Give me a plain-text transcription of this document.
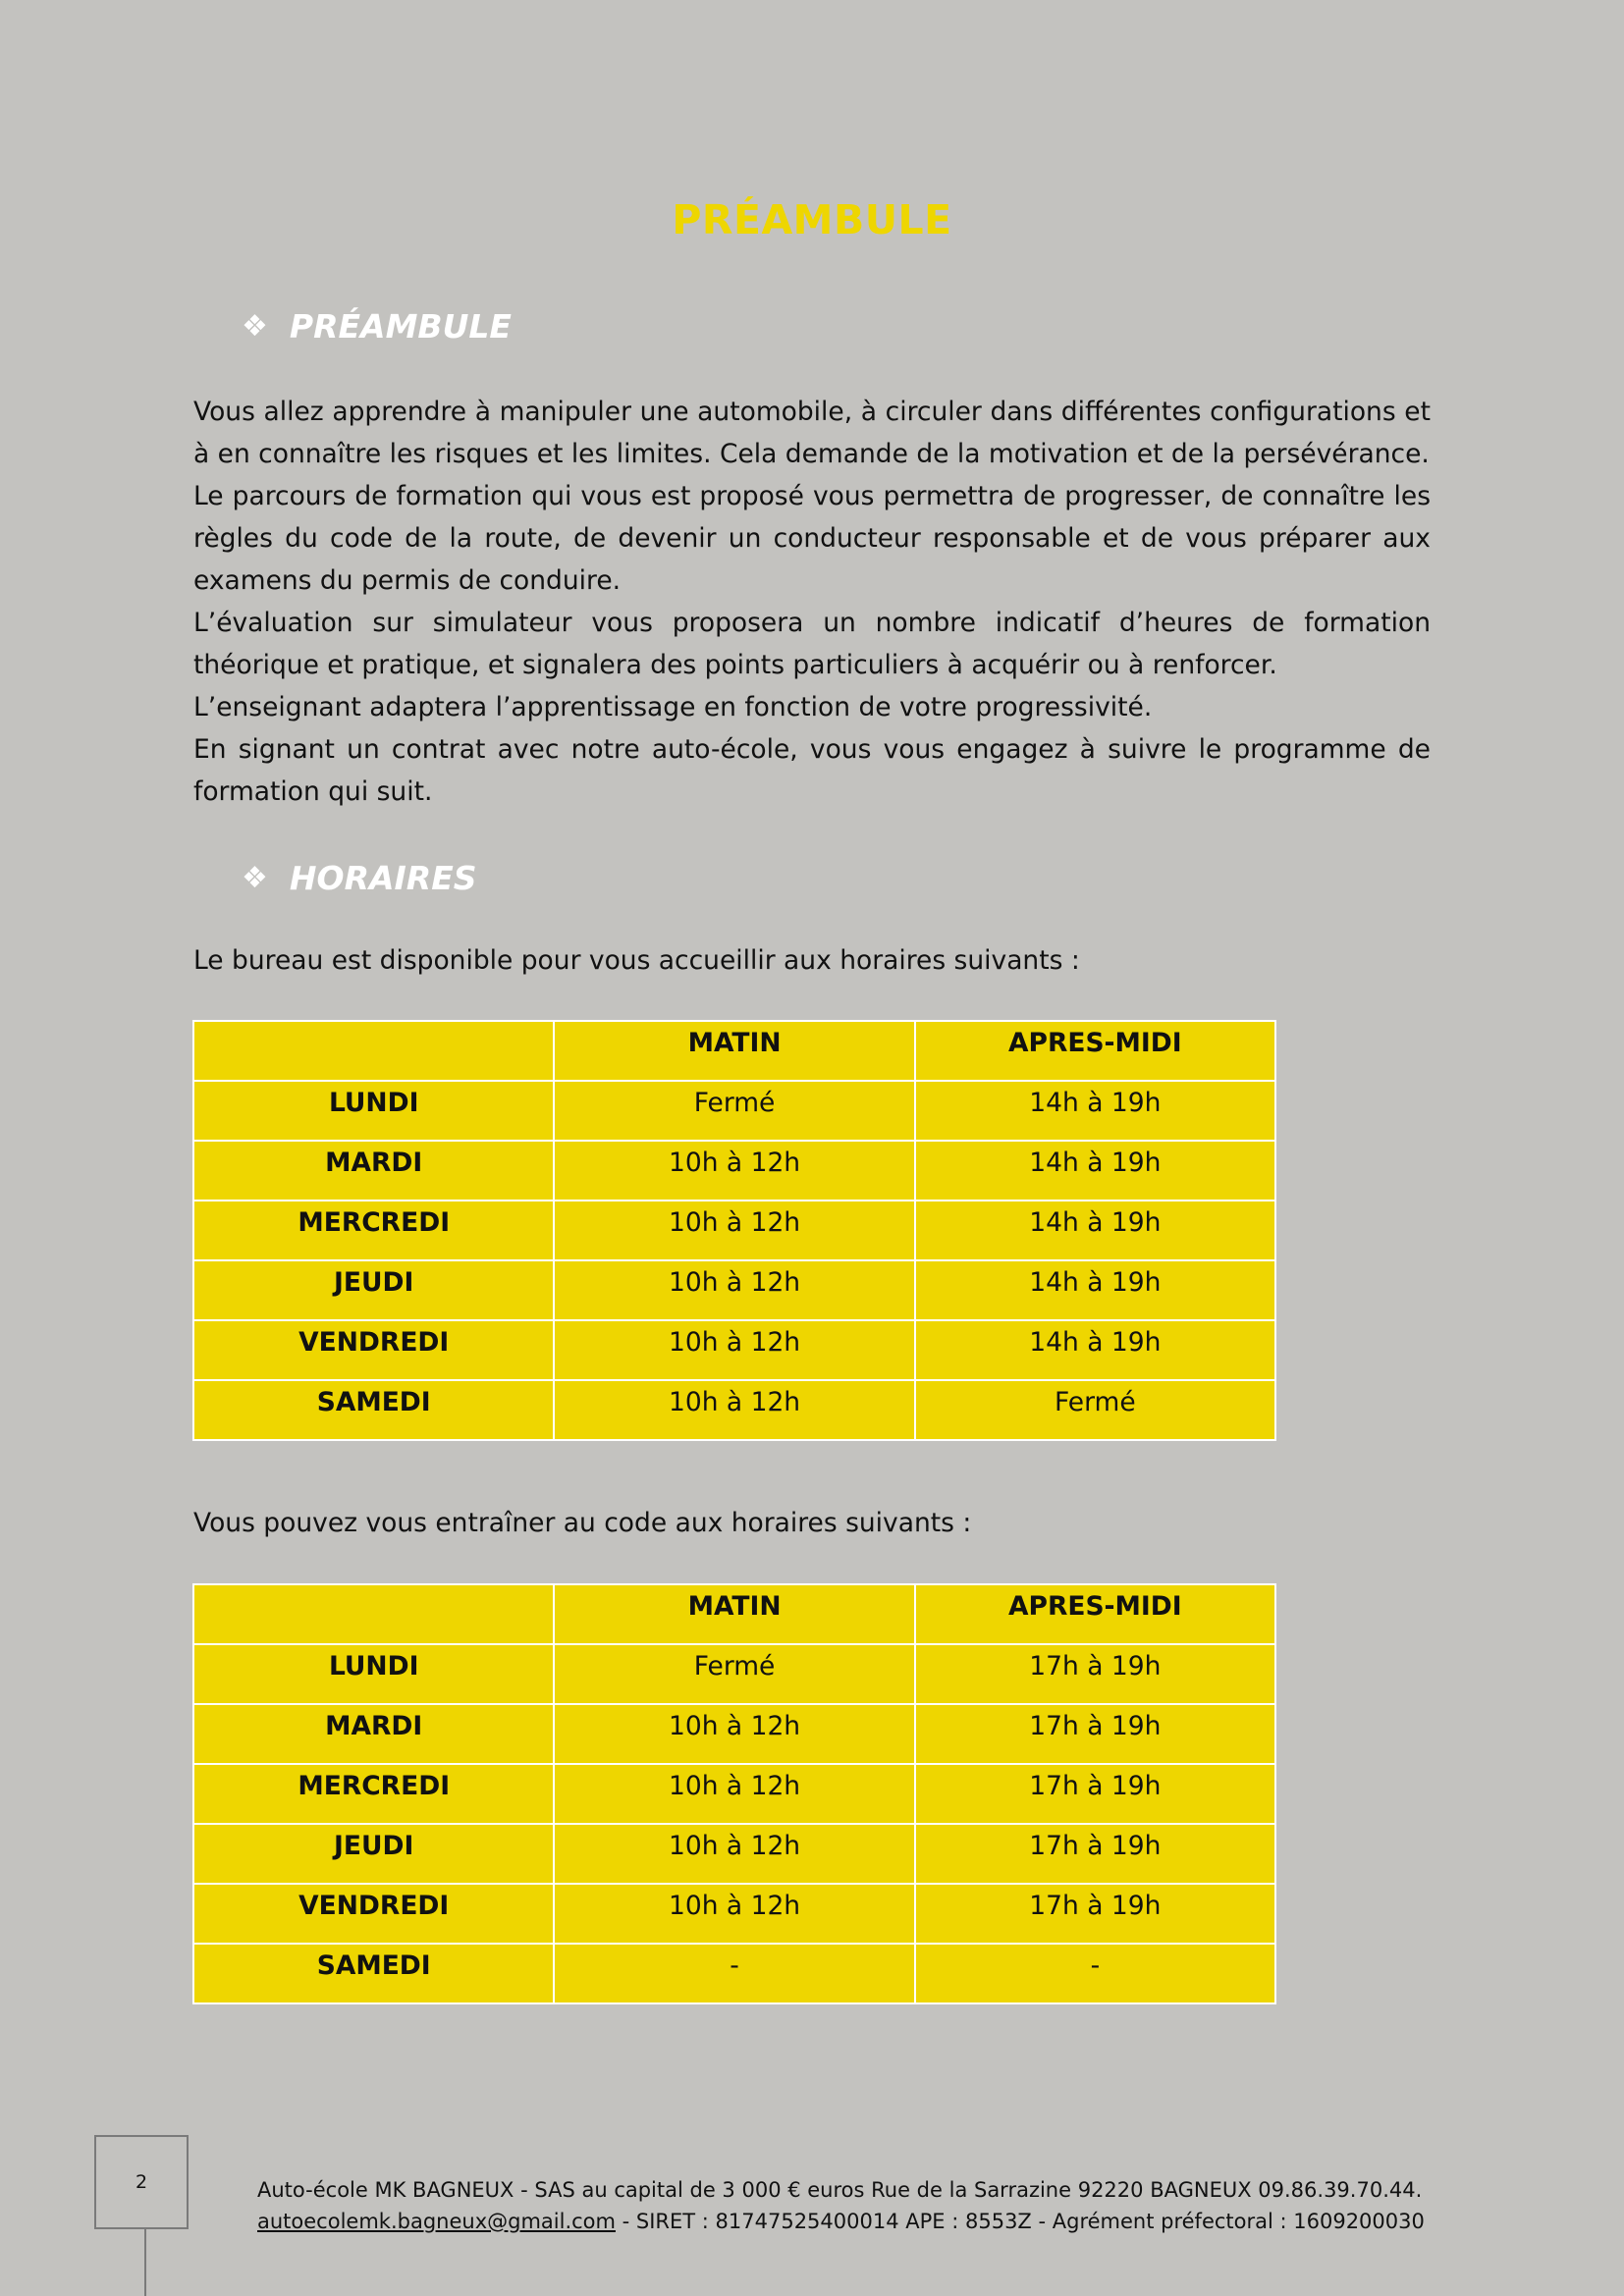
PRÉAMBULE
❖ PRÉAMBULE

Vous allez apprendre à manipuler une automobile, à circuler dans différentes configurations et à en connaître les risques et les limites. Cela demande de la motivation et de la persévérance.

Le parcours de formation qui vous est proposé vous permettra de progresser, de connaître les règles du code de la route, de devenir un conducteur responsable et de vous préparer aux examens du permis de conduire.

L’évaluation sur simulateur vous proposera un nombre indicatif d’heures de formation théorique et pratique, et signalera des points particuliers à acquérir ou à renforcer.

L’enseignant adaptera l’apprentissage en fonction de votre progressivité.

En signant un contrat avec notre auto-école, vous vous engagez à suivre le programme de formation qui suit.

❖ HORAIRES
Le bureau est disponible pour vous accueillir aux horaires suivants :
	MATIN	APRES-MIDI
LUNDI	Fermé	14h à 19h
MARDI	10h à 12h	14h à 19h
MERCREDI	10h à 12h	14h à 19h
JEUDI	10h à 12h	14h à 19h
VENDREDI	10h à 12h	14h à 19h
SAMEDI	10h à 12h	Fermé
Vous pouvez vous entraîner au code aux horaires suivants :
	MATIN	APRES-MIDI
LUNDI	Fermé	17h à 19h
MARDI	10h à 12h	17h à 19h
MERCREDI	10h à 12h	17h à 19h
JEUDI	10h à 12h	17h à 19h
VENDREDI	10h à 12h	17h à 19h
SAMEDI	-	-
2	Auto-école MK BAGNEUX - SAS au capital de 3 000 € euros Rue de la Sarrazine 92220 BAGNEUX 09.86.39.70.44.
autoecolemk.bagneux@gmail.com - SIRET : 81747525400014 APE : 8553Z - Agrément préfectoral : 1609200030
